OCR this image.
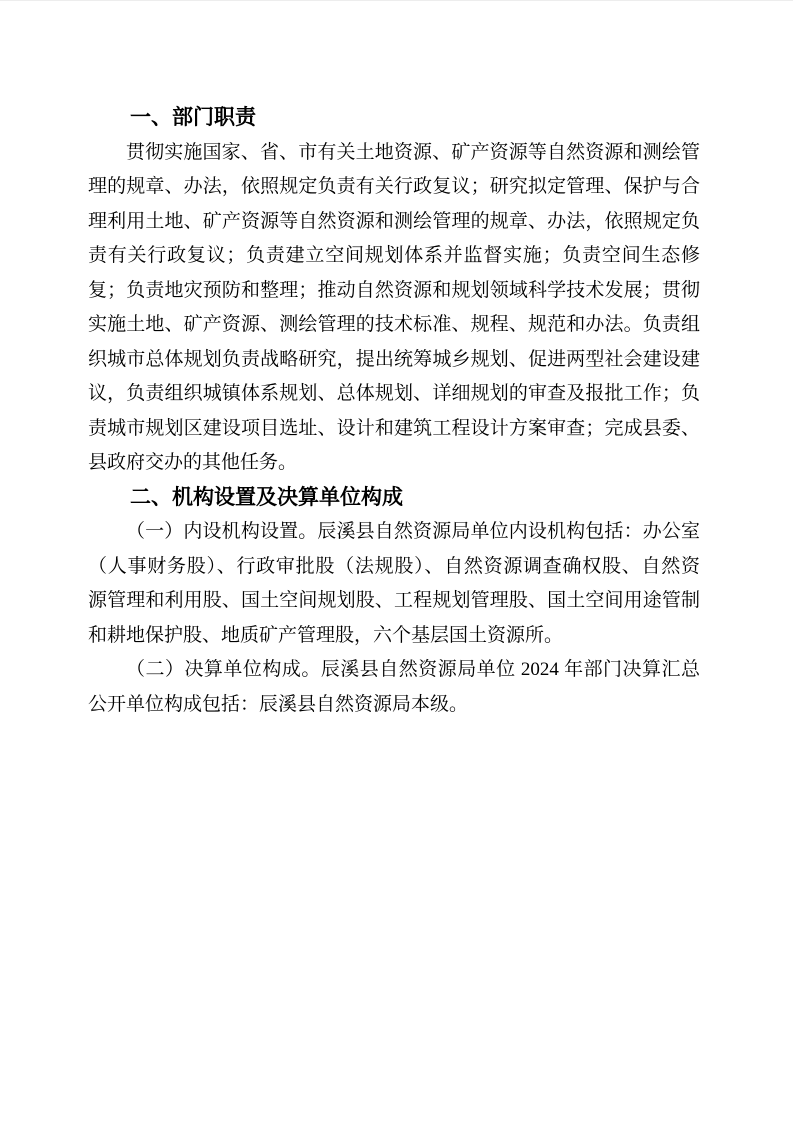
一、部门职责
贯彻实施国家、省、市有关土地资源、矿产资源等自然资源和测绘管
理的规章、办法，依照规定负责有关行政复议；研究拟定管理、保护与合
理利用土地、矿产资源等自然资源和测绘管理的规章、办法，依照规定负
责有关行政复议；负责建立空间规划体系并监督实施；负责空间生态修
复；负责地灾预防和整理；推动自然资源和规划领域科学技术发展；贯彻
实施土地、矿产资源、测绘管理的技术标准、规程、规范和办法。负责组
织城市总体规划负责战略研究，提出统筹城乡规划、促进两型社会建设建
议，负责组织城镇体系规划、总体规划、详细规划的审查及报批工作；负
责城市规划区建设项目选址、设计和建筑工程设计方案审查；完成县委、
县政府交办的其他任务。
二、机构设置及决算单位构成
（一）内设机构设置。辰溪县自然资源局单位内设机构包括：办公室
（人事财务股）、行政审批股（法规股）、自然资源调查确权股、自然资
源管理和利用股、国土空间规划股、工程规划管理股、国土空间用途管制
和耕地保护股、地质矿产管理股，六个基层国土资源所。
（二）决算单位构成。辰溪县自然资源局单位 2024 年部门决算汇总
公开单位构成包括：辰溪县自然资源局本级。
